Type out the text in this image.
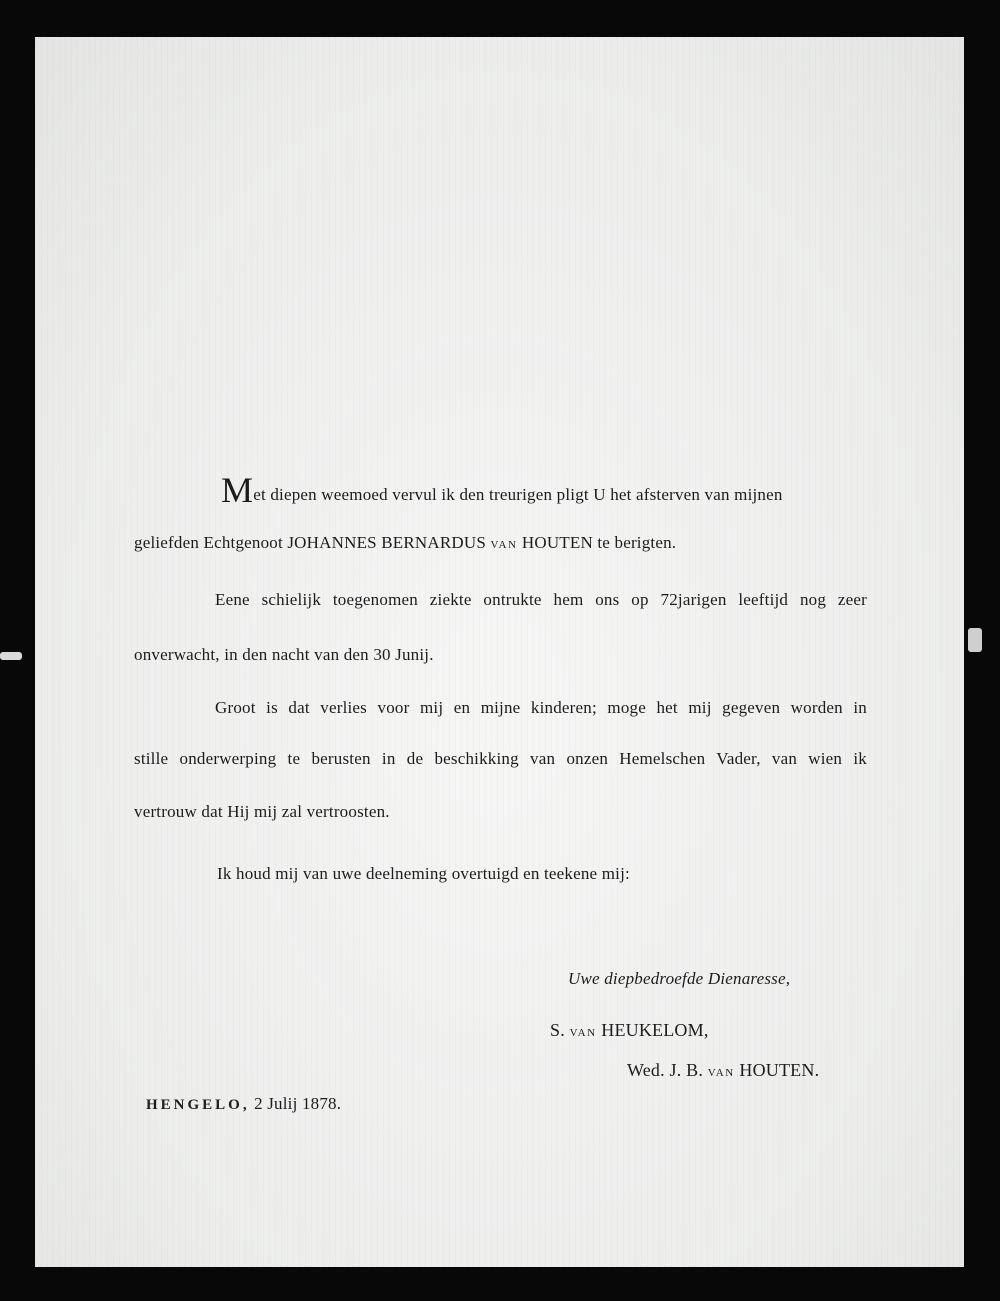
Met diepen weemoed vervul ik den treurigen pligt U het afsterven van mijnen
geliefden Echtgenoot JOHANNES BERNARDUS VAN HOUTEN te berigten.
Eene schielijk toegenomen ziekte ontrukte hem ons op 72jarigen leeftijd nog zeer
onverwacht, in den nacht van den 30 Junij.
Groot is dat verlies voor mij en mijne kinderen; moge het mij gegeven worden in
stille onderwerping te berusten in de beschikking van onzen Hemelschen Vader, van wien ik
vertrouw dat Hij mij zal vertroosten.
Ik houd mij van uwe deelneming overtuigd en teekene mij:
Uwe diepbedroefde Dienaresse,
S. VAN HEUKELOM,
Wed. J. B. VAN HOUTEN.
HENGELO, 2 Julij 1878.
